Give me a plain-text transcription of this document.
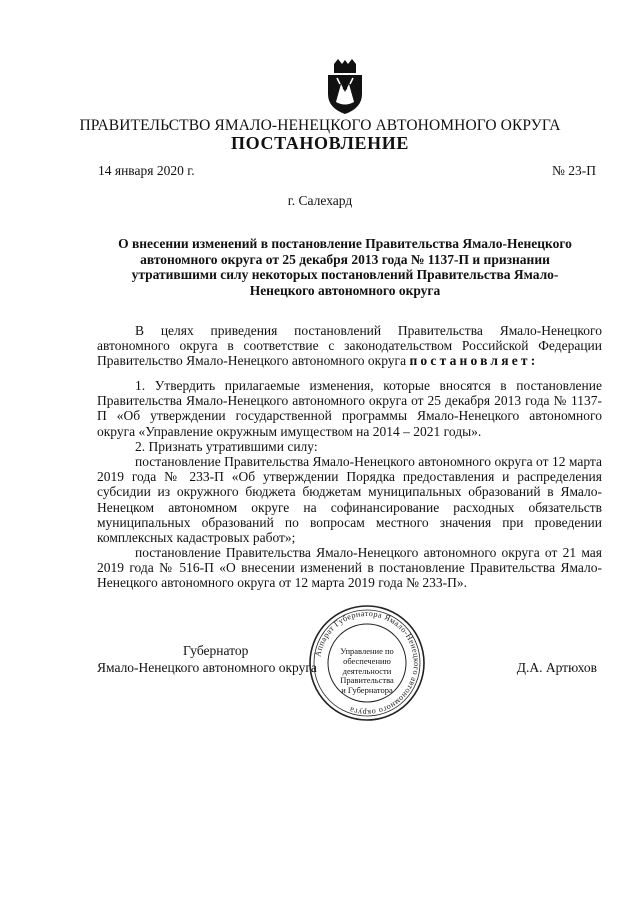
ПРАВИТЕЛЬСТВО ЯМАЛО-НЕНЕЦКОГО АВТОНОМНОГО ОКРУГА
ПОСТАНОВЛЕНИЕ
14 января 2020 г.	№ 23-П
г. Салехард
О внесении изменений в постановление Правительства Ямало-Ненецкого автономного округа от 25 декабря 2013 года № 1137-П и признании утратившими силу некоторых постановлений Правительства Ямало-Ненецкого автономного округа
В целях приведения постановлений Правительства Ямало-Ненецкого автономного округа в соответствие с законодательством Российской Федерации Правительство Ямало-Ненецкого автономного округа постановляет:
1. Утвердить прилагаемые изменения, которые вносятся в постановление Правительства Ямало-Ненецкого автономного округа от 25 декабря 2013 года № 1137-П «Об утверждении государственной программы Ямало-Ненецкого автономного округа «Управление окружным имуществом на 2014 – 2021 годы».
2. Признать утратившими силу:
постановление Правительства Ямало-Ненецкого автономного округа от 12 марта 2019 года № 233-П «Об утверждении Порядка предоставления и распределения субсидии из окружного бюджета бюджетам муниципальных образований в Ямало-Ненецком автономном округе на софинансирование расходных обязательств муниципальных образований по вопросам местного значения при проведении комплексных кадастровых работ»;
постановление Правительства Ямало-Ненецкого автономного округа от 21 мая 2019 года № 516-П «О внесении изменений в постановление Правительства Ямало-Ненецкого автономного округа от 12 марта 2019 года № 233-П».
Губернатор
Ямало-Ненецкого автономного округа	Д.А. Артюхов
Аппарат Губернатора Ямало-Ненецкого автономного округа
Управление по
обеспечению
деятельности
Правительства
и Губернатора
